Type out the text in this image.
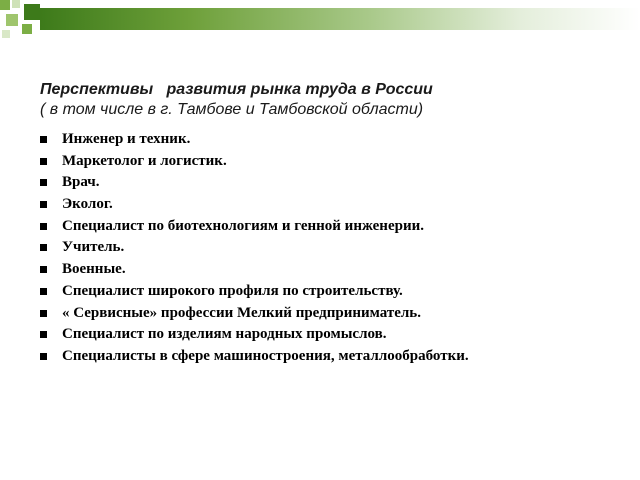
Перспективы   развития рынка труда в России
( в том числе в г. Тамбове и Тамбовской области)
Инженер и техник.
Маркетолог и логистик.
Врач.
Эколог.
Специалист по биотехнологиям и генной инженерии.
Учитель.
Военные.
Специалист широкого профиля по строительству.
« Сервисные» профессии Мелкий предприниматель.
Специалист по изделиям народных промыслов.
Специалисты в сфере машиностроения, металлообработки.
